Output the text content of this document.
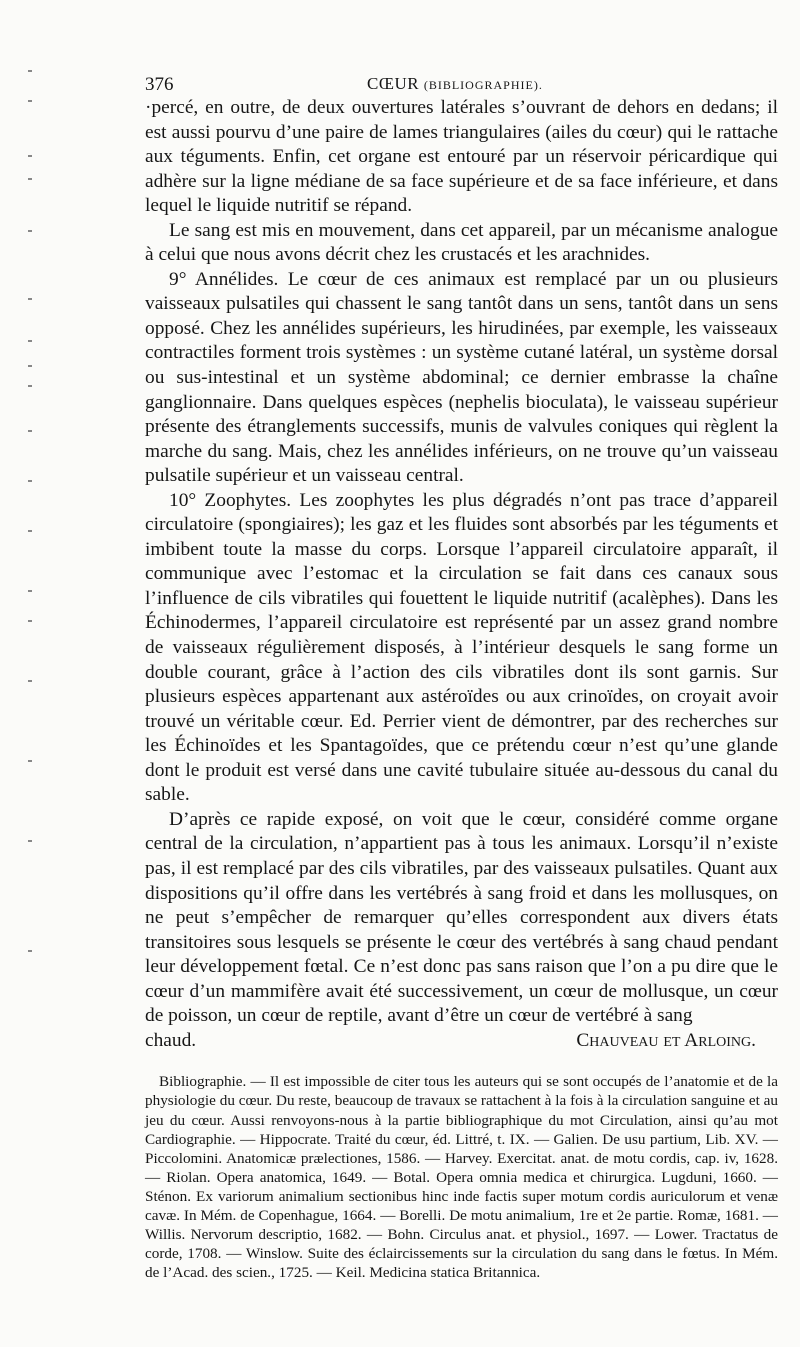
376	CŒUR (BIBLIOGRAPHIE).

·percé, en outre, de deux ouvertures latérales s’ouvrant de dehors en dedans; il est aussi pourvu d’une paire de lames triangulaires (ailes du cœur) qui le rattache aux téguments. Enfin, cet organe est entouré par un réservoir péricardique qui adhère sur la ligne médiane de sa face supérieure et de sa face inférieure, et dans lequel le liquide nutritif se répand.

Le sang est mis en mouvement, dans cet appareil, par un mécanisme analogue à celui que nous avons décrit chez les crustacés et les arachnides.

9° Annélides. Le cœur de ces animaux est remplacé par un ou plusieurs vaisseaux pulsatiles qui chassent le sang tantôt dans un sens, tantôt dans un sens opposé. Chez les annélides supérieurs, les hirudinées, par exemple, les vaisseaux contractiles forment trois systèmes : un système cutané latéral, un système dorsal ou sus-intestinal et un système abdominal; ce dernier embrasse la chaîne ganglionnaire. Dans quelques espèces (nephelis bioculata), le vaisseau supérieur présente des étranglements successifs, munis de valvules coniques qui règlent la marche du sang. Mais, chez les annélides inférieurs, on ne trouve qu’un vaisseau pulsatile supérieur et un vaisseau central.

10° Zoophytes. Les zoophytes les plus dégradés n’ont pas trace d’appareil circulatoire (spongiaires); les gaz et les fluides sont absorbés par les téguments et imbibent toute la masse du corps. Lorsque l’appareil circulatoire apparaît, il communique avec l’estomac et la circulation se fait dans ces canaux sous l’influence de cils vibratiles qui fouettent le liquide nutritif (acalèphes). Dans les Échinodermes, l’appareil circulatoire est représenté par un assez grand nombre de vaisseaux régulièrement disposés, à l’intérieur desquels le sang forme un double courant, grâce à l’action des cils vibratiles dont ils sont garnis. Sur plusieurs espèces appartenant aux astéroïdes ou aux crinoïdes, on croyait avoir trouvé un véritable cœur. Ed. Perrier vient de démontrer, par des recherches sur les Échinoïdes et les Spantagoïdes, que ce prétendu cœur n’est qu’une glande dont le produit est versé dans une cavité tubulaire située au-dessous du canal du sable.

D’après ce rapide exposé, on voit que le cœur, considéré comme organe central de la circulation, n’appartient pas à tous les animaux. Lorsqu’il n’existe pas, il est remplacé par des cils vibratiles, par des vaisseaux pulsatiles. Quant aux dispositions qu’il offre dans les vertébrés à sang froid et dans les mollusques, on ne peut s’empêcher de remarquer qu’elles correspondent aux divers états transitoires sous lesquels se présente le cœur des vertébrés à sang chaud pendant leur développement fœtal. Ce n’est donc pas sans raison que l’on a pu dire que le cœur d’un mammifère avait été successivement, un cœur de mollusque, un cœur de poisson, un cœur de reptile, avant d’être un cœur de vertébré à sang

chaud.	Chauveau et Arloing.

Bibliographie. — Il est impossible de citer tous les auteurs qui se sont occupés de l’anatomie et de la physiologie du cœur. Du reste, beaucoup de travaux se rattachent à la fois à la circulation sanguine et au jeu du cœur. Aussi renvoyons-nous à la partie bibliographique du mot Circulation, ainsi qu’au mot Cardiographie. — Hippocrate. Traité du cœur, éd. Littré, t. IX. — Galien. De usu partium, Lib. XV. — Piccolomini. Anatomicæ prælectiones, 1586. — Harvey. Exercitat. anat. de motu cordis, cap. iv, 1628. — Riolan. Opera anatomica, 1649. — Botal. Opera omnia medica et chirurgica. Lugduni, 1660. — Sténon. Ex variorum animalium sectionibus hinc inde factis super motum cordis auriculorum et venæ cavæ. In Mém. de Copenhague, 1664. — Borelli. De motu animalium, 1re et 2e partie. Romæ, 1681. — Willis. Nervorum descriptio, 1682. — Bohn. Circulus anat. et physiol., 1697. — Lower. Tractatus de corde, 1708. — Winslow. Suite des éclaircissements sur la circulation du sang dans le fœtus. In Mém. de l’Acad. des scien., 1725. — Keil. Medicina statica Britannica.
